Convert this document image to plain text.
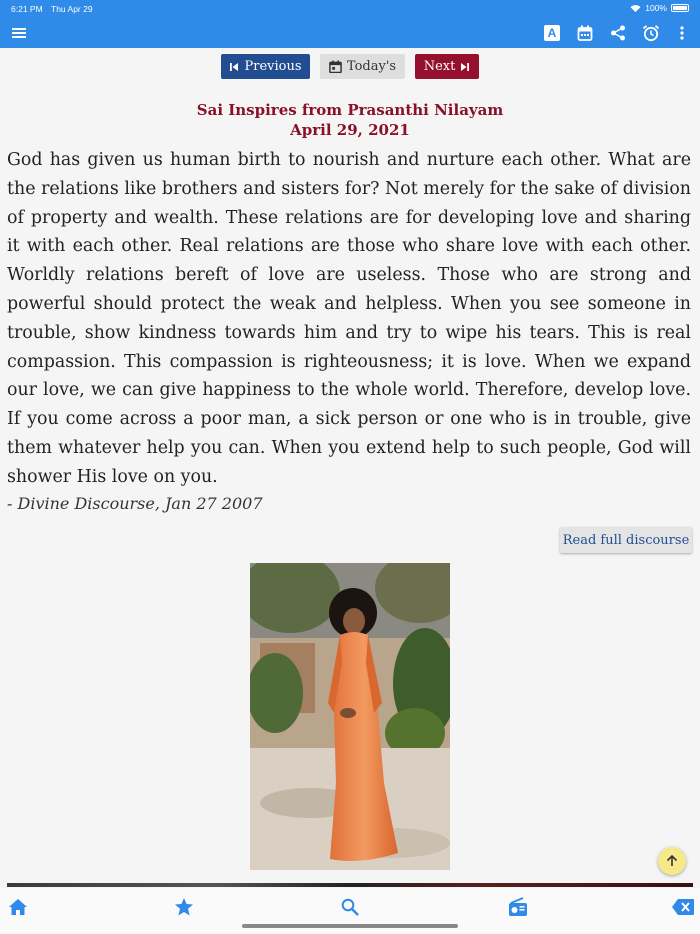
6:21 PM Thu Apr 29	100%
A
Previous	Today's Next
Sai Inspires from Prasanthi Nilayam
April 29, 2021

God has given us human birth to nourish and nurture each other. What are the relations like brothers and sisters for? Not merely for the sake of division of property and wealth. These relations are for developing love and sharing it with each other. Real relations are those who share love with each other. Worldly relations bereft of love are useless. Those who are strong and powerful should protect the weak and helpless. When you see someone in trouble, show kindness towards him and try to wipe his tears. This is real compassion. This compassion is righteousness; it is love. When we expand our love, we can give happiness to the whole world. Therefore, develop love. If you come across a poor man, a sick person or one who is in trouble, give them whatever help you can. When you extend help to such people, God will shower His love on you.

- Divine Discourse, Jan 27 2007
Read full discourse
